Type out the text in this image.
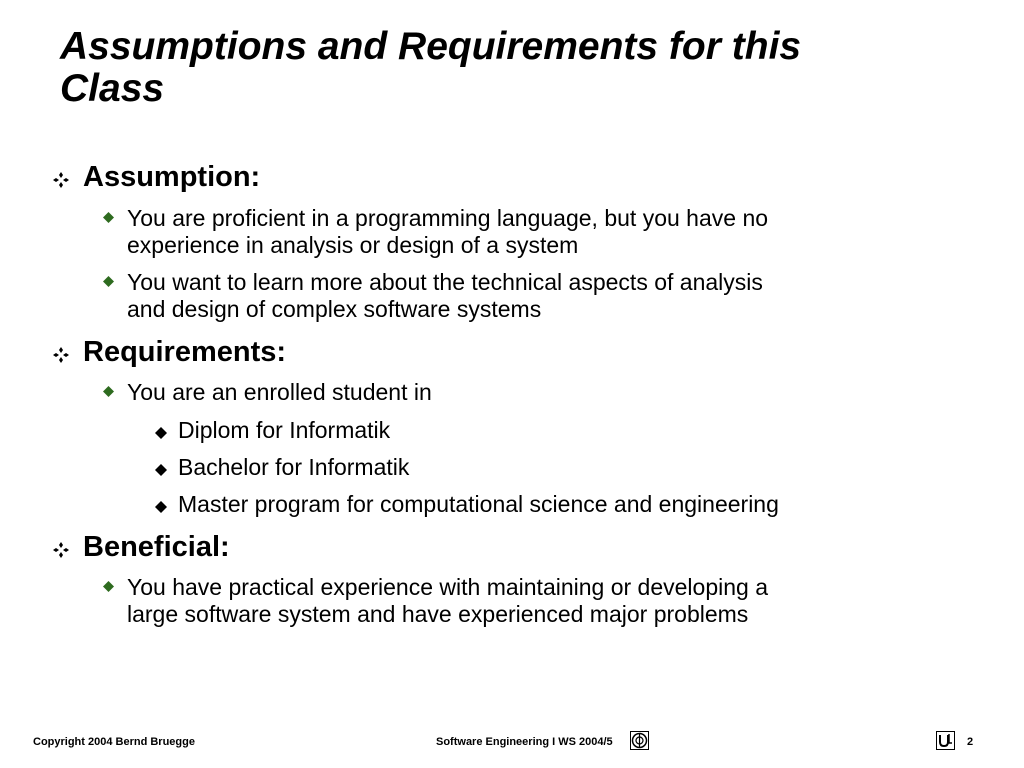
Assumptions and Requirements for this
Class
Assumption:
You are proficient in a programming language, but you have no
experience in analysis or design of a system
You want to learn more about the technical aspects of analysis
and design of complex software systems
Requirements:
You are an enrolled student in
Diplom for Informatik
Bachelor for Informatik
Master program for computational science and engineering
Beneficial:
You have practical experience with maintaining or developing a
large software system and have experienced major problems
Copyright 2004 Bernd Bruegge	Software Engineering I WS 2004/5	2
